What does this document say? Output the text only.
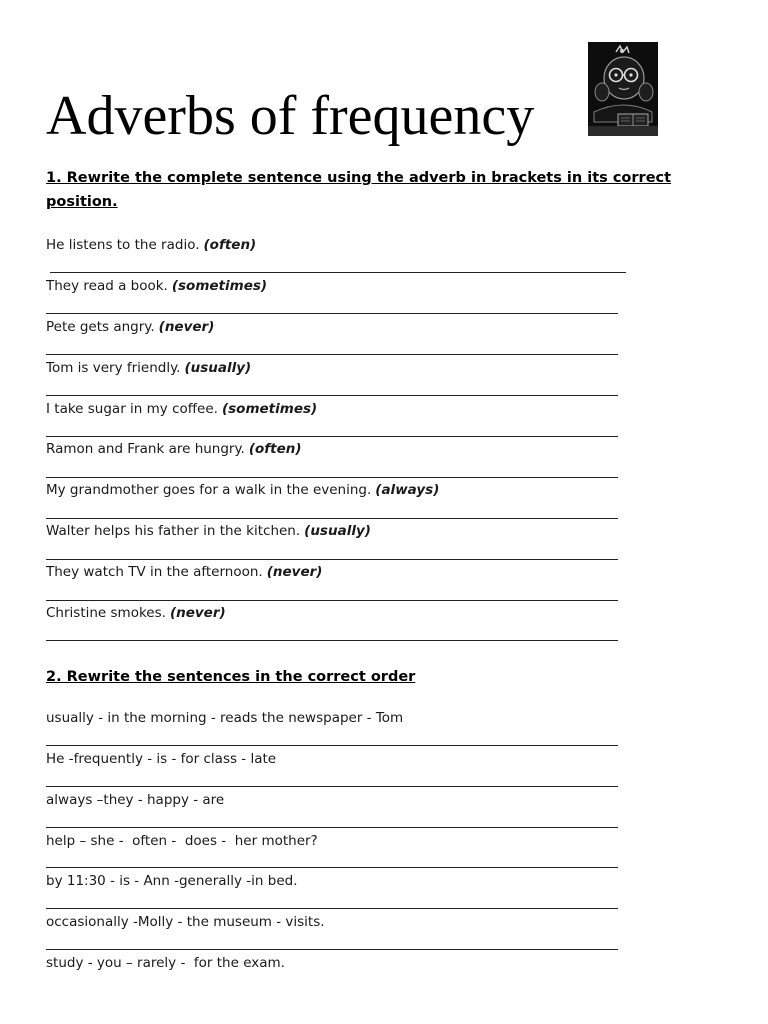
Adverbs of frequency
1. Rewrite the complete sentence using the adverb in brackets in its correct position.
He listens to the radio. (often)
They read a book. (sometimes)
Pete gets angry. (never)
Tom is very friendly. (usually)
I take sugar in my coffee. (sometimes)
Ramon and Frank are hungry. (often)
My grandmother goes for a walk in the evening. (always)
Walter helps his father in the kitchen. (usually)
They watch TV in the afternoon. (never)
Christine smokes. (never)
2. Rewrite the sentences in the correct order
usually - in the morning - reads the newspaper - Tom
He -frequently - is - for class - late
always –they - happy - are
help – she -  often -  does -  her mother?
by 11:30 - is - Ann -generally -in bed.
occasionally -Molly - the museum - visits.
study - you – rarely -  for the exam.
